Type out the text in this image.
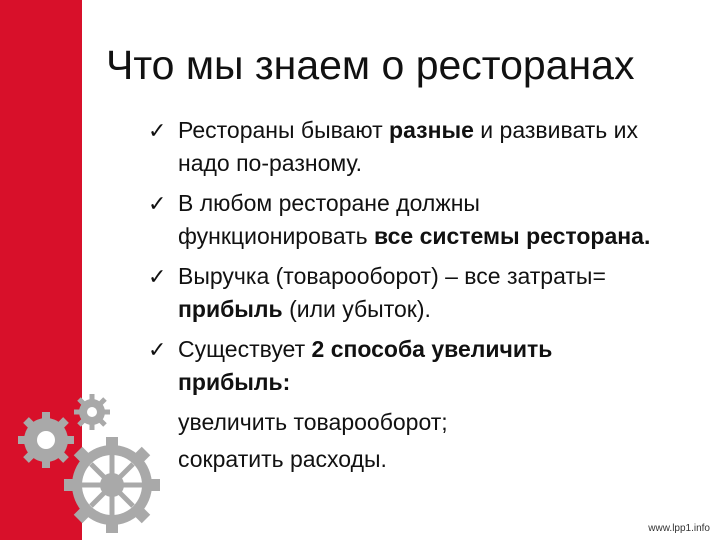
Что мы знаем о ресторанах
✓ Рестораны бывают разные и развивать их надо по-разному.
✓ В любом ресторане должны функционировать все системы ресторана.
✓ Выручка (товарооборот) – все затраты= прибыль (или убыток).
✓ Существует 2 способа увеличить прибыль:
увеличить товарооборот;
сократить расходы.
www.lpp1.info
